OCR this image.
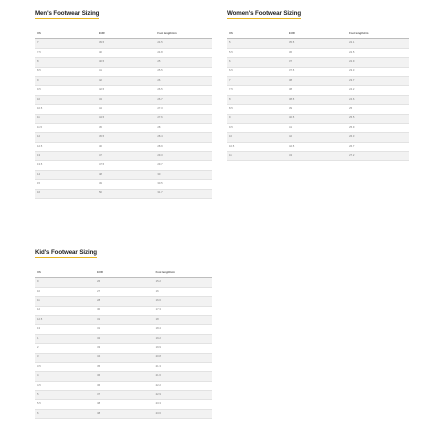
Men's Footwear Sizing
US	EUR	Foot length/cm
7	39.5	24.5
7.5	40	24.8
8	40.5	25
8.5	41	25.5
9	42	26
9.5	42.5	26.5
10	43	26.7
10.5	44	27.3
11	44.5	27.6
11.5	45	28
12	45.5	28.4
12.5	46	28.9
13	47	29.3
13.5	47.5	29.7
14	48	30
15	49	30.5
16	50	31.7
Women's Footwear Sizing
US	EUR	Foot length/cm
5	35.5	22.1
5.5	36	22.5
6	37	22.9
6.5	37.5	23.3
7	38	23.7
7.5	38	24.2
8	38.5	24.6
8.5	39	25
9	40.5	25.5
9.5	41	25.9
10	42	26.3
10.5	42.5	26.7
11	43	27.2
Kid's Footwear Sizing
US	EUR	Foot length/cm
9	26	15.2
10	27	16
11	28	16.6
12	30	17.3
12.5	31	18
13	31	18.4
1	32	19.2
2	33	19.9
3	34	20.8
3.5	35	21.3
4	36	21.6
4.5	36	22.2
5	37	22.9
5.5	38	23.3
6	38	23.6
